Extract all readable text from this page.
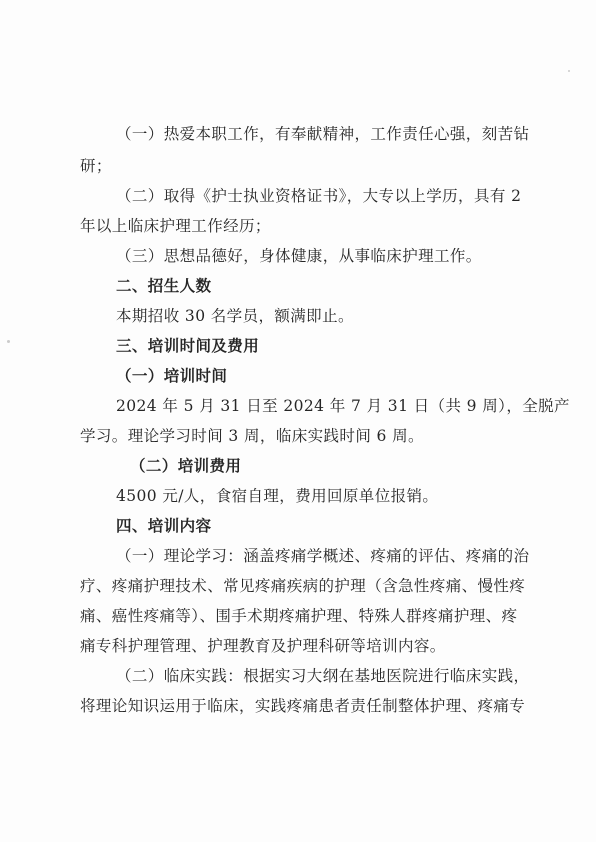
（一）热爱本职工作，有奉献精神，工作责任心强，刻苦钻
研；
（二）取得《护士执业资格证书》，大专以上学历，具有 2
年以上临床护理工作经历；
（三）思想品德好，身体健康，从事临床护理工作。
二、招生人数
本期招收 30 名学员，额满即止。
三、培训时间及费用
（一）培训时间
2024 年 5 月 31 日至 2024 年 7 月 31 日（共 9 周），全脱产
学习。理论学习时间 3 周，临床实践时间 6 周。
（二）培训费用
4500 元/人，食宿自理，费用回原单位报销。
四、培训内容
（一）理论学习：涵盖疼痛学概述、疼痛的评估、疼痛的治
疗、疼痛护理技术、常见疼痛疾病的护理（含急性疼痛、慢性疼
痛、癌性疼痛等）、围手术期疼痛护理、特殊人群疼痛护理、疼
痛专科护理管理、护理教育及护理科研等培训内容。
（二）临床实践：根据实习大纲在基地医院进行临床实践，
将理论知识运用于临床，实践疼痛患者责任制整体护理、疼痛专
